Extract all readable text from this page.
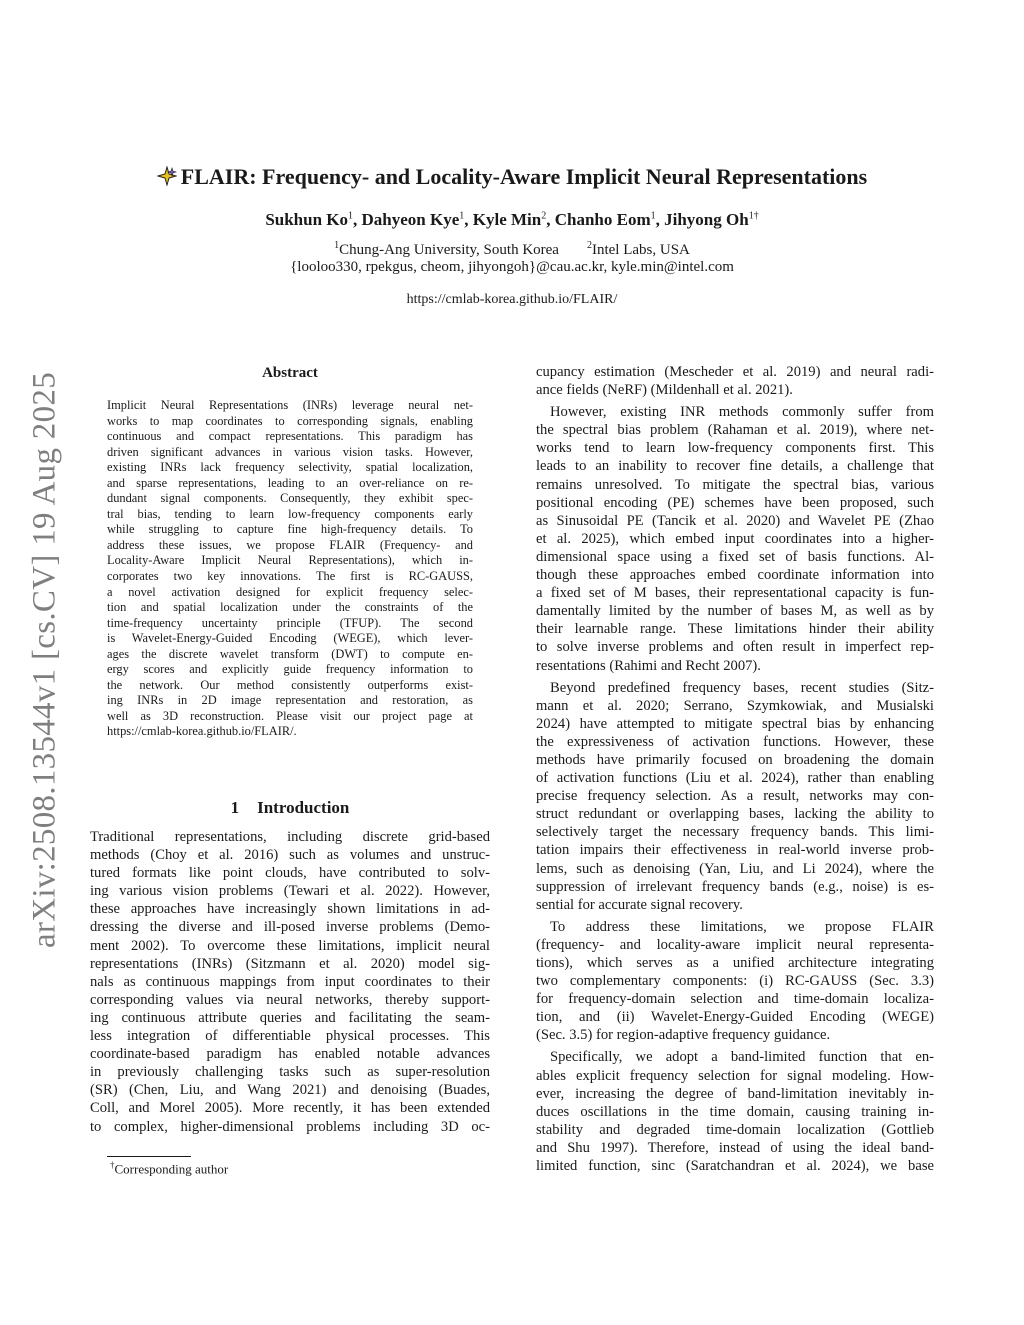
arXiv:2508.13544v1 [cs.CV] 19 Aug 2025
FLAIR: Frequency- and Locality-Aware Implicit Neural Representations
Sukhun Ko$^1$, Dahyeon Kye$^1$, Kyle Min$^2$, Chanho Eom$^1$, Jihyong $Oh^{1\dagger}$
$^1$Chung-Ang University, South Korea	$^2$Intel Labs, USA
{looloo330, rpekgus, cheom, jihyongoh}@cau.ac.kr, kyle.min@intel.com
https://cmlab-korea.github.io/FLAIR/
Abstract
Implicit Neural Representations (INRs) leverage neural net-
works to map coordinates to corresponding signals, enabling
continuous and compact representations. This paradigm has
driven significant advances in various vision tasks. However,
existing INRs lack frequency selectivity, spatial localization,
and sparse representations, leading to an over-reliance on re-
dundant signal components. Consequently, they exhibit spec-
tral bias, tending to learn low-frequency components early
while struggling to capture fine high-frequency details. To
address these issues, we propose FLAIR (Frequency- and
Locality-Aware Implicit Neural Representations), which in-
corporates two key innovations. The first is RC-GAUSS,
a novel activation designed for explicit frequency selec-
tion and spatial localization under the constraints of the
time-frequency uncertainty principle (TFUP). The second
is Wavelet-Energy-Guided Encoding (WEGE), which lever-
ages the discrete wavelet transform (DWT) to compute en-
ergy scores and explicitly guide frequency information to
the network. Our method consistently outperforms exist-
ing INRs in 2D image representation and restoration, as
well as 3D reconstruction. Please visit our project page at
https://cmlab-korea.github.io/FLAIR/.
1 Introduction
Traditional representations, including discrete grid-based
methods (Choy et al. 2016) such as volumes and unstruc-
tured formats like point clouds, have contributed to solv-
ing various vision problems (Tewari et al. 2022). However,
these approaches have increasingly shown limitations in ad-
dressing the diverse and ill-posed inverse problems (Demo-
ment 2002). To overcome these limitations, implicit neural
representations (INRs) (Sitzmann et al. 2020) model sig-
nals as continuous mappings from input coordinates to their
corresponding values via neural networks, thereby support-
ing continuous attribute queries and facilitating the seam-
less integration of differentiable physical processes. This
coordinate-based paradigm has enabled notable advances
in previously challenging tasks such as super-resolution
(SR) (Chen, Liu, and Wang 2021) and denoising (Buades,
Coll, and Morel 2005). More recently, it has been extended
to complex, higher-dimensional problems including 3D oc-
cupancy estimation (Mescheder et al. 2019) and neural radi-
ance fields (NeRF) (Mildenhall et al. 2021).
However, existing INR methods commonly suffer from
the spectral bias problem (Rahaman et al. 2019), where net-
works tend to learn low-frequency components first. This
leads to an inability to recover fine details, a challenge that
remains unresolved. To mitigate the spectral bias, various
positional encoding (PE) schemes have been proposed, such
as Sinusoidal PE (Tancik et al. 2020) and Wavelet PE (Zhao
et al. 2025), which embed input coordinates into a higher-
dimensional space using a fixed set of basis functions. Al-
though these approaches embed coordinate information into
a fixed set of M bases, their representational capacity is fun-
damentally limited by the number of bases M, as well as by
their learnable range. These limitations hinder their ability
to solve inverse problems and often result in imperfect rep-
resentations (Rahimi and Recht 2007).
Beyond predefined frequency bases, recent studies (Sitz-
mann et al. 2020; Serrano, Szymkowiak, and Musialski
2024) have attempted to mitigate spectral bias by enhancing
the expressiveness of activation functions. However, these
methods have primarily focused on broadening the domain
of activation functions (Liu et al. 2024), rather than enabling
precise frequency selection. As a result, networks may con-
struct redundant or overlapping bases, lacking the ability to
selectively target the necessary frequency bands. This limi-
tation impairs their effectiveness in real-world inverse prob-
lems, such as denoising (Yan, Liu, and Li 2024), where the
suppression of irrelevant frequency bands (e.g., noise) is es-
sential for accurate signal recovery.
To address these limitations, we propose FLAIR
(frequency- and locality-aware implicit neural representa-
tions), which serves as a unified architecture integrating
two complementary components: (i) RC-GAUSS (Sec. 3.3)
for frequency-domain selection and time-domain localiza-
tion, and (ii) Wavelet-Energy-Guided Encoding (WEGE)
(Sec. 3.5) for region-adaptive frequency guidance.
Specifically, we adopt a band-limited function that en-
ables explicit frequency selection for signal modeling. How-
ever, increasing the degree of band-limitation inevitably in-
duces oscillations in the time domain, causing training in-
stability and degraded time-domain localization (Gottlieb
and Shu 1997). Therefore, instead of using the ideal band-
limited function, sinc (Saratchandran et al. 2024), we base
†Corresponding author
